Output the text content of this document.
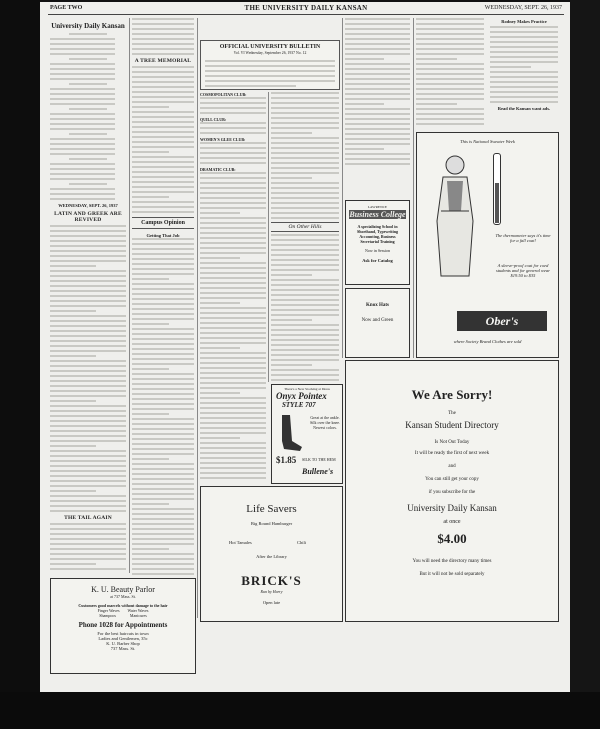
PAGE TWO	THE UNIVERSITY DAILY KANSAN	WEDNESDAY, SEPT. 26, 1937
University Daily Kansan
WEDNESDAY, SEPT. 26, 1937
LATIN AND GREEK ARE REVIVED
THE TAIL AGAIN
A TREE MEMORIAL
Campus Opinion
Getting That Job
OFFICIAL UNIVERSITY BULLETIN
Vol. VI Wednesday, September 26, 1937 No. 12
COSMOPOLITAN CLUB:
QUILL CLUB:
WOMEN'S GLEE CLUB:
DRAMATIC CLUB:
On Other Hills
LAWRENCE
Business College
A specializing School in
Shorthand, Typewriting
Accounting, Business
Secretarial Training
Now in Session
Ask for Catalog
Knox Hats
Now and Green
Rodney Makes Practice
Read the Kansan want ads.
This is National Sweater Week
The thermometer says it's time for a fall coat!
A sleeve-proof coat for coed students and for general wear $19.50 to $35
Ober's
where Society Brand Clothes are sold
There's a New Stocking at Dress
Onyx Pointex
STYLE 707
Great at the ankle. Silk over the knee. Newest colors.
$1.85 SILK TO THE HEM
Bullene's
We Are Sorry!
The
Kansan Student Directory
Is Not Out Today
It will be ready the first of next week
and
You can still get your copy
if you subscribe for the
University Daily Kansan
at once
$4.00
You will need the directory many times
But it will not be sold separately
Life Savers
Big Round Hamburger
Hot Tamales	Chili
After the Library
BRICK'S
Run by Harry
Open late
K. U. Beauty Parlor
at 737 Mass. St.
Customers good marcels without damage to the hair
Finger Waves        Water Waves
Shampoos              Manicures
Phone 1028 for Appointments
For the best haircuts in town
Ladies and Gentlemen, 35c
K. U. Barber Shop
737 Mass. St.
